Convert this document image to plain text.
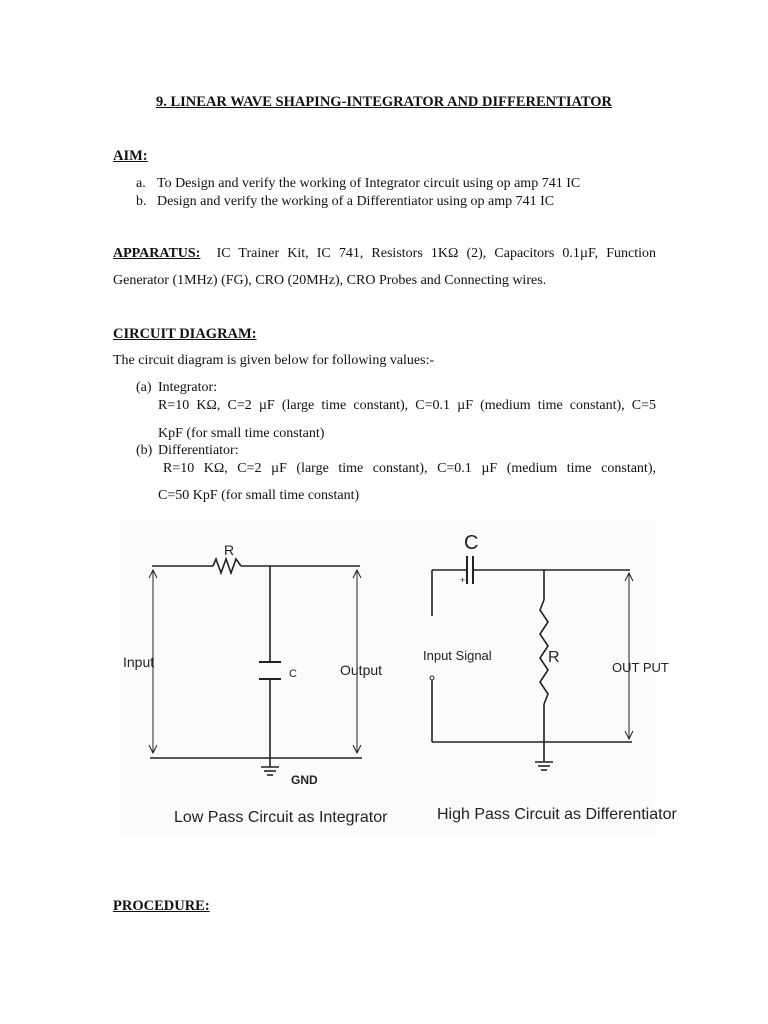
9. LINEAR WAVE SHAPING-INTEGRATOR AND DIFFERENTIATOR
AIM:
a. To Design and verify the working of Integrator circuit using op amp 741 IC
b. Design and verify the working of a Differentiator using op amp 741 IC
APPARATUS: IC Trainer Kit, IC 741, Resistors 1KΩ (2), Capacitors 0.1µF, Function Generator (1MHz) (FG), CRO (20MHz), CRO Probes and Connecting wires.
CIRCUIT DIAGRAM:
The circuit diagram is given below for following values:-
(a) Integrator:
R=10 KΩ, C=2 µF (large time constant), C=0.1 µF (medium time constant), C=5
KpF (for small time constant)
(b) Differentiator:
R=10 KΩ, C=2 µF (large time constant), C=0.1 µF (medium time constant),
C=50 KpF (for small time constant)
R
C
Input	Output
GND
Low Pass Circuit as Integrator
+
C
R
Input Signal
OUT PUT
High Pass Circuit as Differentiator
PROCEDURE:
